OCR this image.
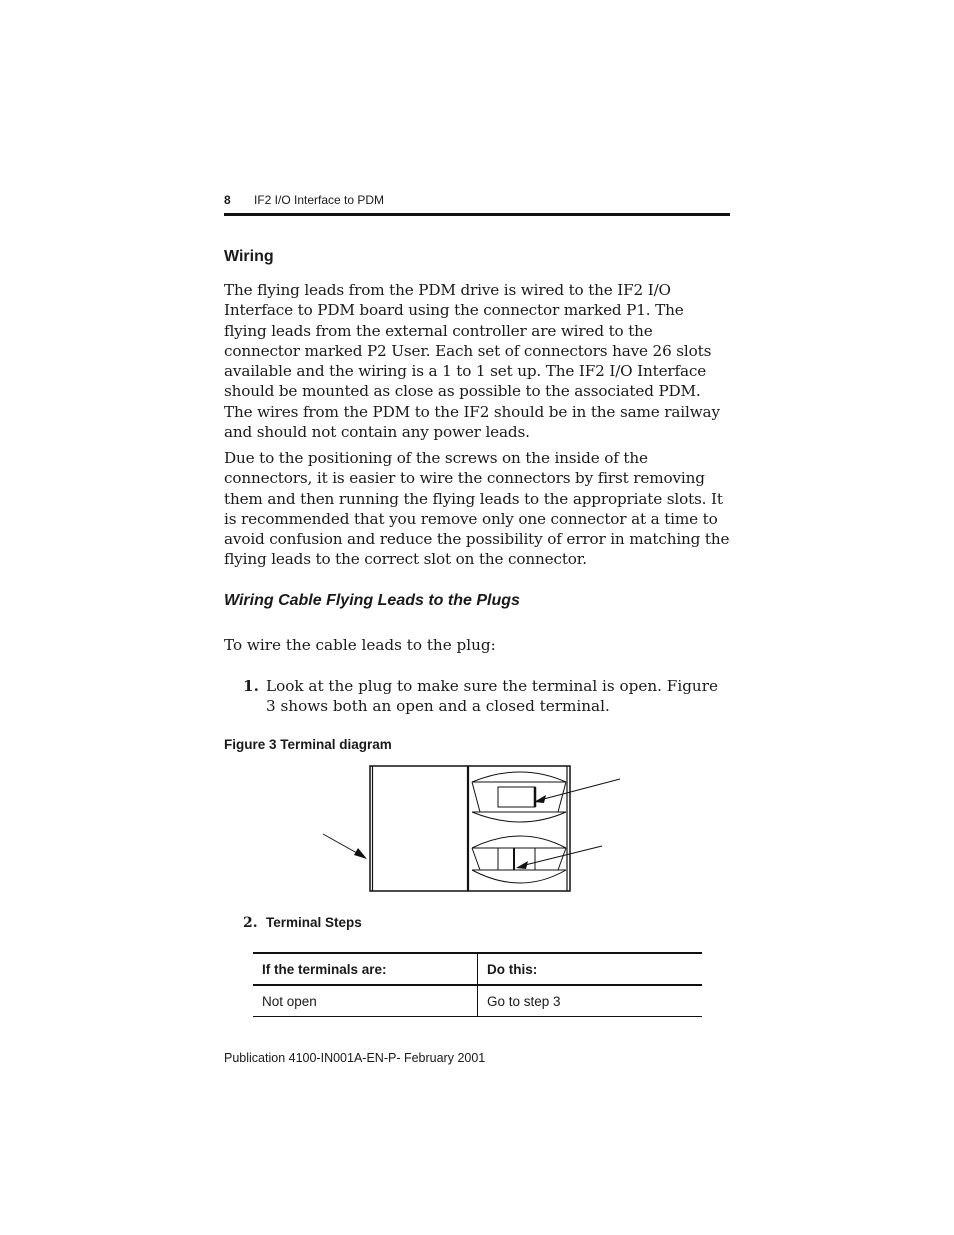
8 IF2 I/O Interface to PDM
Wiring

The flying leads from the PDM drive is wired to the IF2 I/O Interface to PDM board using the connector marked P1. The flying leads from the external controller are wired to the connector marked P2 User. Each set of connectors have 26 slots available and the wiring is a 1 to 1 set up. The IF2 I/O Interface should be mounted as close as possible to the associated PDM. The wires from the PDM to the IF2 should be in the same railway and should not contain any power leads.

Due to the positioning of the screws on the inside of the connectors, it is easier to wire the connectors by first removing them and then running the flying leads to the appropriate slots. It is recommended that you remove only one connector at a time to avoid confusion and reduce the possibility of error in matching the flying leads to the correct slot on the connector.

Wiring Cable Flying Leads to the Plugs
To wire the cable leads to the plug:
1. Look at the plug to make sure the terminal is open. Figure 3 shows both an open and a closed terminal.
Figure 3 Terminal diagram
2. Terminal Steps
If the terminals are:	Do this:
Not open	Go to step 3
Publication 4100-IN001A-EN-P- February 2001
